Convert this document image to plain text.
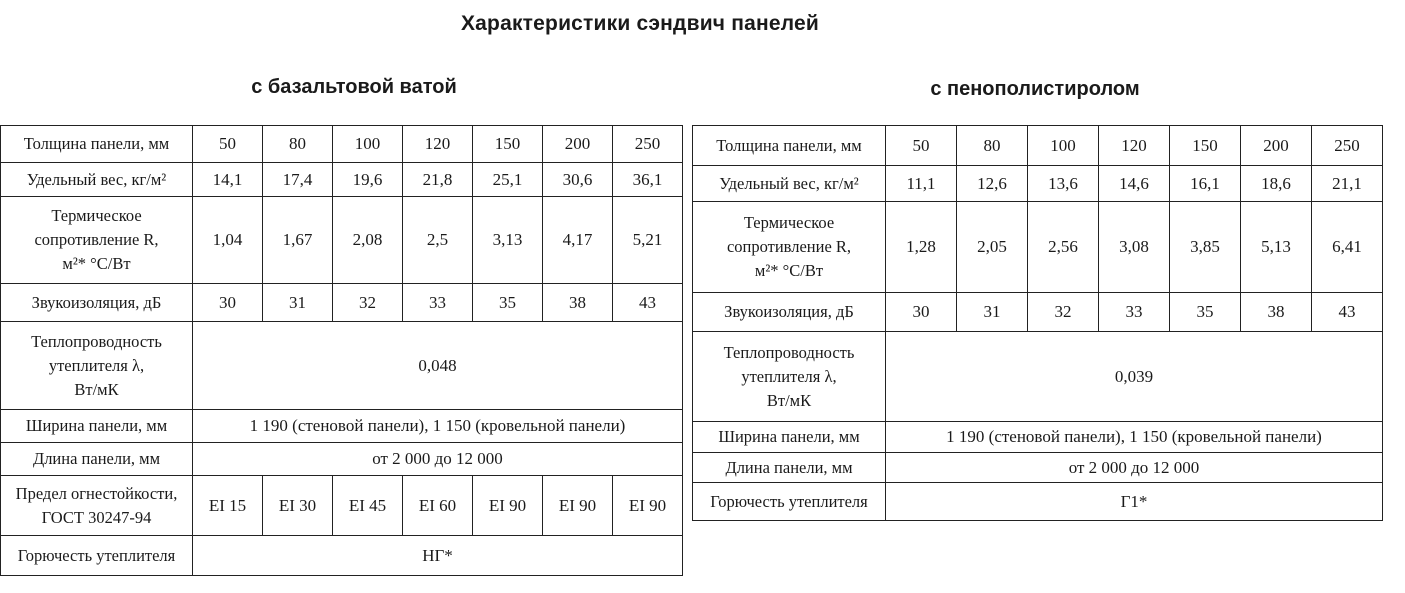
Характеристики сэндвич панелей
с базальтовой ватой	с пенополистиролом
Толщина панели, мм	50	80	100	120	150	200	250
Удельный вес, кг/м²	14,1	17,4	19,6	21,8	25,1	30,6	36,1

Термическое
сопротивление R,
м²* °С/Вт	1,04	1,67	2,08	2,5	3,13	4,17	5,21
Звукоизоляция, дБ	30	31	32	33	35	38	43

Теплопроводность
утеплителя λ,
Вт/мК	0,048						
Ширина панели, мм	1 190 (стеновой панели), 1 150 (кровельной панели)						
Длина панели, мм	от 2 000 до 12 000						

Предел огнестойкости,
ГОСТ 30247-94	EI 15	EI 30	EI 45	EI 60	EI 90	EI 90	EI 90
Горючесть утеплителя	НГ*						
Толщина панели, мм	50	80	100	120	150	200	250
Удельный вес, кг/м²	11,1	12,6	13,6	14,6	16,1	18,6	21,1

Термическое
сопротивление R,
м²* °С/Вт	1,28	2,05	2,56	3,08	3,85	5,13	6,41
Звукоизоляция, дБ	30	31	32	33	35	38	43

Теплопроводность
утеплителя λ,
Вт/мК	0,039						
Ширина панели, мм	1 190 (стеновой панели), 1 150 (кровельной панели)						
Длина панели, мм	от 2 000 до 12 000						
Горючесть утеплителя	Г1*						
